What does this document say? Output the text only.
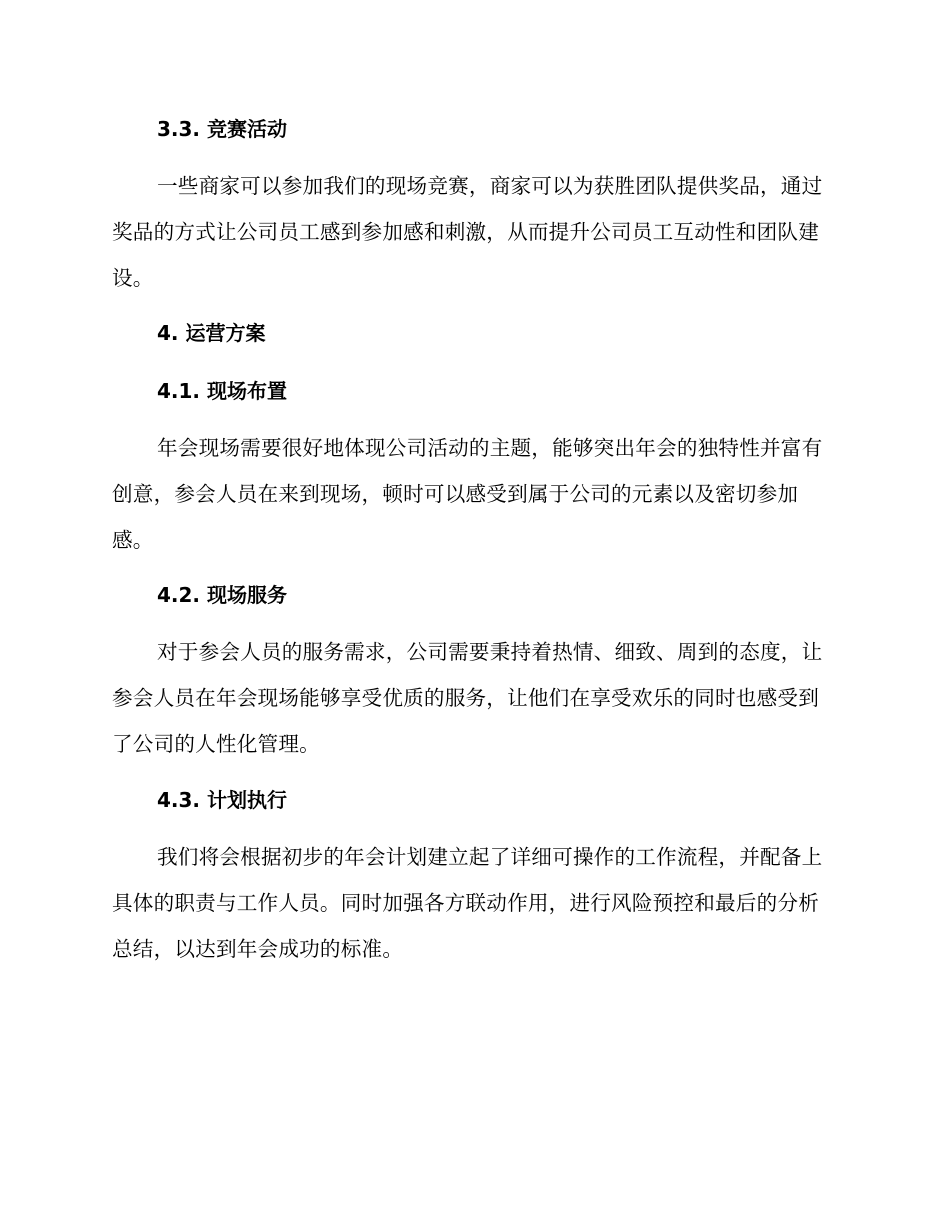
3.3. 竞赛活动
一些商家可以参加我们的现场竞赛，商家可以为获胜团队提供奖品，通过奖品的方式让公司员工感到参加感和刺激，从而提升公司员工互动性和团队建设。
4. 运营方案
4.1. 现场布置
年会现场需要很好地体现公司活动的主题，能够突出年会的独特性并富有创意，参会人员在来到现场，顿时可以感受到属于公司的元素以及密切参加感。
4.2. 现场服务
对于参会人员的服务需求，公司需要秉持着热情、细致、周到的态度，让参会人员在年会现场能够享受优质的服务，让他们在享受欢乐的同时也感受到了公司的人性化管理。
4.3. 计划执行
我们将会根据初步的年会计划建立起了详细可操作的工作流程，并配备上具体的职责与工作人员。同时加强各方联动作用，进行风险预控和最后的分析总结，以达到年会成功的标准。
